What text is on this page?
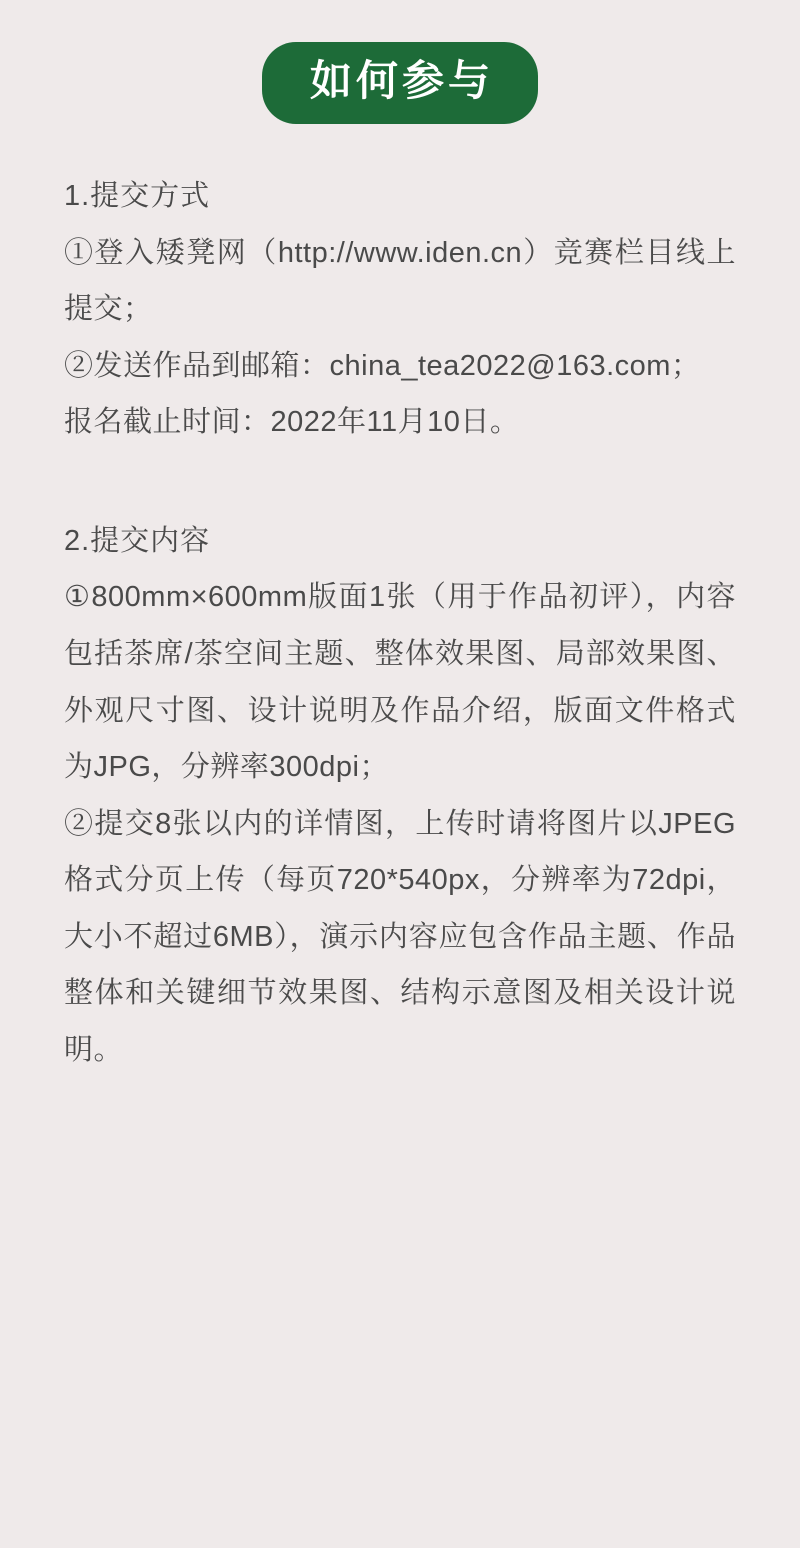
如何参与
1.提交方式
①登入矮凳网（http://www.iden.cn）竞赛栏目线上提交；
②发送作品到邮箱：china_tea2022@163.com；
报名截止时间：2022年11月10日。
2.提交内容
①800mm×600mm版面1张（用于作品初评），内容包括茶席/茶空间主题、整体效果图、局部效果图、外观尺寸图、设计说明及作品介绍，版面文件格式为JPG，分辨率300dpi；
②提交8张以内的详情图，上传时请将图片以JPEG格式分页上传（每页720*540px，分辨率为72dpi，大小不超过6MB），演示内容应包含作品主题、作品整体和关键细节效果图、结构示意图及相关设计说明。
